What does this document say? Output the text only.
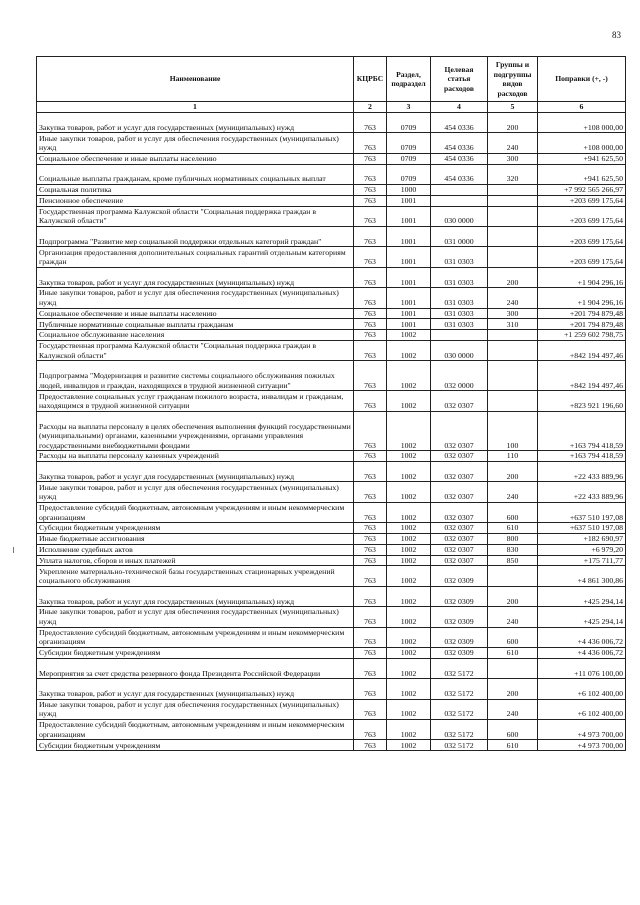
83
Наименование	КЦРБС	Раздел, подраздел	Целевая статья расходов	Группы и подгруппы видов расходов	Поправки (+, -)
1	2	3	4	5	6
Закупка товаров, работ и услуг для государственных (муниципальных) нужд	763	0709	454 0336	200	+108 000,00
Иные закупки товаров, работ и услуг для обеспечения государственных (муниципальных) нужд	763	0709	454 0336	240	+108 000,00
Социальное обеспечение и иные выплаты населению	763	0709	454 0336	300	+941 625,50
Социальные выплаты гражданам, кроме публичных нормативных социальных выплат	763	0709	454 0336	320	+941 625,50
Социальная политика	763	1000			+7 992 565 266,97
Пенсионное обеспечение	763	1001			+203 699 175,64
Государственная программа Калужской области "Социальная поддержка граждан в Калужской области"	763	1001	030 0000		+203 699 175,64
Подпрограмма "Развитие мер социальной поддержки отдельных категорий граждан"	763	1001	031 0000		+203 699 175,64
Организация предоставления дополнительных социальных гарантий отдельным категориям граждан	763	1001	031 0303		+203 699 175,64
Закупка товаров, работ и услуг для государственных (муниципальных) нужд	763	1001	031 0303	200	+1 904 296,16
Иные закупки товаров, работ и услуг для обеспечения государственных (муниципальных) нужд	763	1001	031 0303	240	+1 904 296,16
Социальное обеспечение и иные выплаты населению	763	1001	031 0303	300	+201 794 879,48
Публичные нормативные социальные выплаты гражданам	763	1001	031 0303	310	+201 794 879,48
Социальное обслуживание населения	763	1002			+1 259 602 798,75
Государственная программа Калужской области "Социальная поддержка граждан в Калужской области"	763	1002	030 0000		+842 194 497,46
Подпрограмма "Модернизация и развитие системы социального обслуживания пожилых людей, инвалидов и граждан, находящихся в трудной жизненной ситуации"	763	1002	032 0000		+842 194 497,46
Предоставление социальных услуг гражданам пожилого возраста, инвалидам и гражданам, находящимся в трудной жизненной ситуации	763	1002	032 0307		+823 921 196,60
Расходы на выплаты персоналу в целях обеспечения выполнения функций государственными (муниципальными) органами, казенными учреждениями, органами управления государственными внебюджетными фондами	763	1002	032 0307	100	+163 794 418,59
Расходы на выплаты персоналу казенных учреждений	763	1002	032 0307	110	+163 794 418,59
Закупка товаров, работ и услуг для государственных (муниципальных) нужд	763	1002	032 0307	200	+22 433 889,96
Иные закупки товаров, работ и услуг для обеспечения государственных (муниципальных) нужд	763	1002	032 0307	240	+22 433 889,96
Предоставление субсидий бюджетным, автономным учреждениям и иным некоммерческим организациям	763	1002	032 0307	600	+637 510 197,08
Субсидии бюджетным учреждениям	763	1002	032 0307	610	+637 510 197,08
Иные бюджетные ассигнования	763	1002	032 0307	800	+182 690,97
Исполнение судебных актов	763	1002	032 0307	830	+6 979,20
Уплата налогов, сборов и иных платежей	763	1002	032 0307	850	+175 711,77
Укрепление материально-технической базы государственных стационарных учреждений социального обслуживания	763	1002	032 0309		+4 861 300,86
Закупка товаров, работ и услуг для государственных (муниципальных) нужд	763	1002	032 0309	200	+425 294,14
Иные закупки товаров, работ и услуг для обеспечения государственных (муниципальных) нужд	763	1002	032 0309	240	+425 294,14
Предоставление субсидий бюджетным, автономным учреждениям и иным некоммерческим организациям	763	1002	032 0309	600	+4 436 006,72
Субсидии бюджетным учреждениям	763	1002	032 0309	610	+4 436 006,72
Мероприятия за счет средства резервного фонда Президента Российской Федерации	763	1002	032 5172		+11 076 100,00
Закупка товаров, работ и услуг для государственных (муниципальных) нужд	763	1002	032 5172	200	+6 102 400,00
Иные закупки товаров, работ и услуг для обеспечения государственных (муниципальных) нужд	763	1002	032 5172	240	+6 102 400,00
Предоставление субсидий бюджетным, автономным учреждениям и иным некоммерческим организациям	763	1002	032 5172	600	+4 973 700,00
Субсидии бюджетным учреждениям	763	1002	032 5172	610	+4 973 700,00
